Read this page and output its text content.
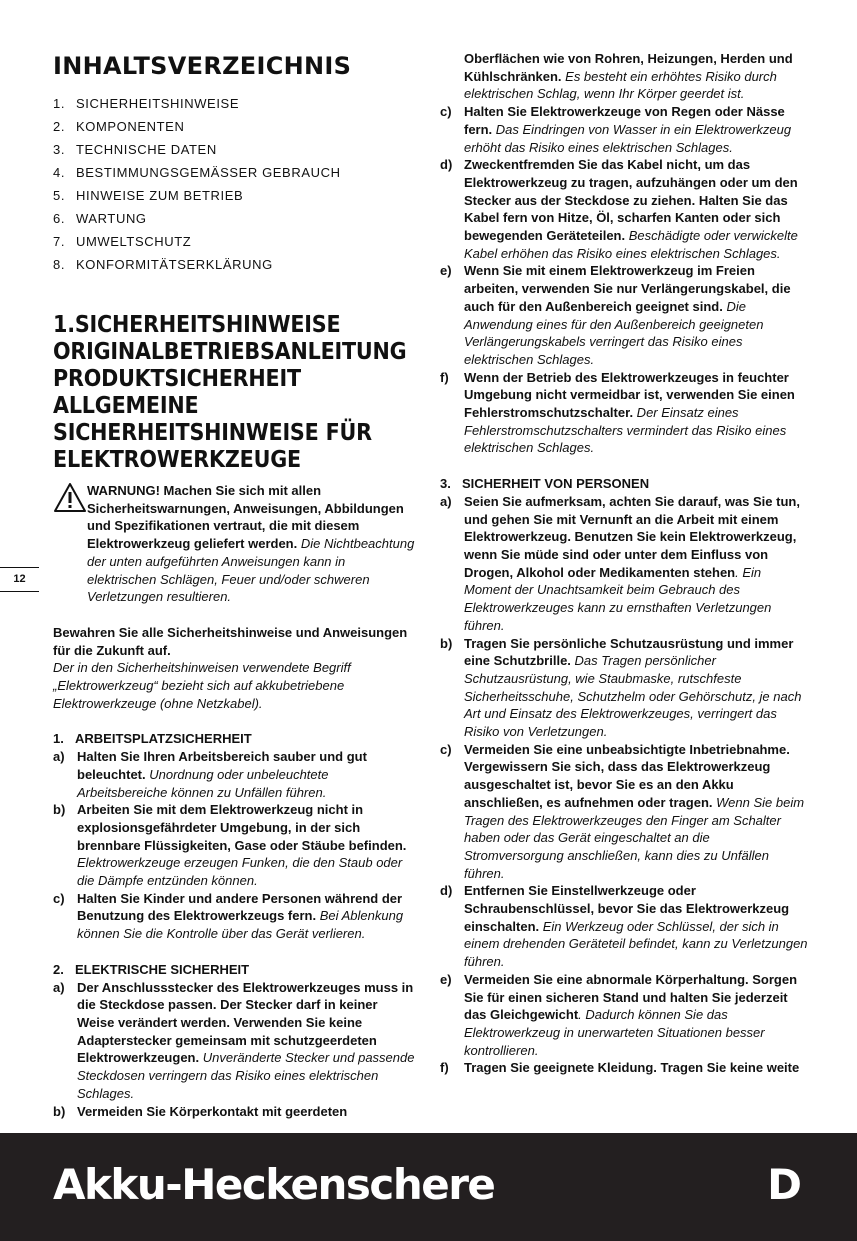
INHALTSVERZEICHNIS
1. SICHERHEITSHINWEISE
2. KOMPONENTEN
3. TECHNISCHE DATEN
4. BESTIMMUNGSGEMÄSSER GEBRAUCH
5. HINWEISE ZUM BETRIEB
6. WARTUNG
7. UMWELTSCHUTZ
8. KONFORMITÄTSERKLÄRUNG
1.SICHERHEITSHINWEISE
ORIGINALBETRIEBSANLEITUNG
PRODUKTSICHERHEIT
ALLGEMEINE
SICHERHEITSHINWEISE FÜR
ELEKTROWERKZEUGE

WARNUNG! Machen Sie sich mit allen Sicherheitswarnungen, Anweisungen, Abbildungen und Spezifikationen vertraut, die mit diesem Elektrowerkzeug geliefert werden. Die Nichtbeachtung der unten aufgeführten Anweisungen kann in elektrischen Schlägen, Feuer und/oder schweren Verletzungen resultieren.

Bewahren Sie alle Sicherheitshinweise und Anweisungen für die Zukunft auf.

Der in den Sicherheitshinweisen verwendete Begriff „Elektrowerkzeug“ bezieht sich auf akkubetriebene Elektrowerkzeuge (ohne Netzkabel).

1. ARBEITSPLATZSICHERHEIT
a) Halten Sie Ihren Arbeitsbereich sauber und gut beleuchtet. Unordnung oder unbeleuchtete Arbeitsbereiche können zu Unfällen führen.
b) Arbeiten Sie mit dem Elektrowerkzeug nicht in explosionsgefährdeter Umgebung, in der sich brennbare Flüssigkeiten, Gase oder Stäube befinden. Elektrowerkzeuge erzeugen Funken, die den Staub oder die Dämpfe entzünden können.
c) Halten Sie Kinder und andere Personen während der Benutzung des Elektrowerkzeugs fern. Bei Ablenkung können Sie die Kontrolle über das Gerät verlieren.
2. ELEKTRISCHE SICHERHEIT
a) Der Anschlussstecker des Elektrowerkzeuges muss in die Steckdose passen. Der Stecker darf in keiner Weise verändert werden. Verwenden Sie keine Adapterstecker gemeinsam mit schutzgeerdeten Elektrowerkzeugen. Unveränderte Stecker und passende Steckdosen verringern das Risiko eines elektrischen Schlages.
b) Vermeiden Sie Körperkontakt mit geerdeten
Oberflächen wie von Rohren, Heizungen, Herden und Kühlschränken. Es besteht ein erhöhtes Risiko durch elektrischen Schlag, wenn Ihr Körper geerdet ist.
c) Halten Sie Elektrowerkzeuge von Regen oder Nässe fern. Das Eindringen von Wasser in ein Elektrowerkzeug erhöht das Risiko eines elektrischen Schlages.
d) Zweckentfremden Sie das Kabel nicht, um das Elektrowerkzeug zu tragen, aufzuhängen oder um den Stecker aus der Steckdose zu ziehen. Halten Sie das Kabel fern von Hitze, Öl, scharfen Kanten oder sich bewegenden Geräteteilen. Beschädigte oder verwickelte Kabel erhöhen das Risiko eines elektrischen Schlages.
e) Wenn Sie mit einem Elektrowerkzeug im Freien arbeiten, verwenden Sie nur Verlängerungskabel, die auch für den Außenbereich geeignet sind. Die Anwendung eines für den Außenbereich geeigneten Verlängerungskabels verringert das Risiko eines elektrischen Schlages.
f)	Wenn der Betrieb des Elektrowerkzeuges in feuchter Umgebung nicht vermeidbar ist, verwenden Sie einen Fehlerstromschutzschalter. Der Einsatz eines Fehlerstromschutzschalters vermindert das Risiko eines elektrischen Schlages.
3. SICHERHEIT VON PERSONEN
a) Seien Sie aufmerksam, achten Sie darauf, was Sie tun, und gehen Sie mit Vernunft an die Arbeit mit einem Elektrowerkzeug. Benutzen Sie kein Elektrowerkzeug, wenn Sie müde sind oder unter dem Einfluss von Drogen, Alkohol oder Medikamenten stehen. Ein Moment der Unachtsamkeit beim Gebrauch des Elektrowerkzeuges kann zu ernsthaften Verletzungen führen.
b) Tragen Sie persönliche Schutzausrüstung und immer eine Schutzbrille. Das Tragen persönlicher Schutzausrüstung, wie Staubmaske, rutschfeste Sicherheitsschuhe, Schutzhelm oder Gehörschutz, je nach Art und Einsatz des Elektrowerkzeuges, verringert das Risiko von Verletzungen.
c) Vermeiden Sie eine unbeabsichtigte Inbetriebnahme. Vergewissern Sie sich, dass das Elektrowerkzeug ausgeschaltet ist, bevor Sie es an den Akku anschließen, es aufnehmen oder tragen. Wenn Sie beim Tragen des Elektrowerkzeuges den Finger am Schalter haben oder das Gerät eingeschaltet an die Stromversorgung anschließen, kann dies zu Unfällen führen.
d) Entfernen Sie Einstellwerkzeuge oder Schraubenschlüssel, bevor Sie das Elektrowerkzeug einschalten. Ein Werkzeug oder Schlüssel, der sich in einem drehenden Geräteteil befindet, kann zu Verletzungen führen.
e) Vermeiden Sie eine abnormale Körperhaltung. Sorgen Sie für einen sicheren Stand und halten Sie jederzeit das Gleichgewicht. Dadurch können Sie das Elektrowerkzeug in unerwarteten Situationen besser kontrollieren.
f)	Tragen Sie geeignete Kleidung. Tragen Sie keine weite
12
Akku-Heckenschere	D
